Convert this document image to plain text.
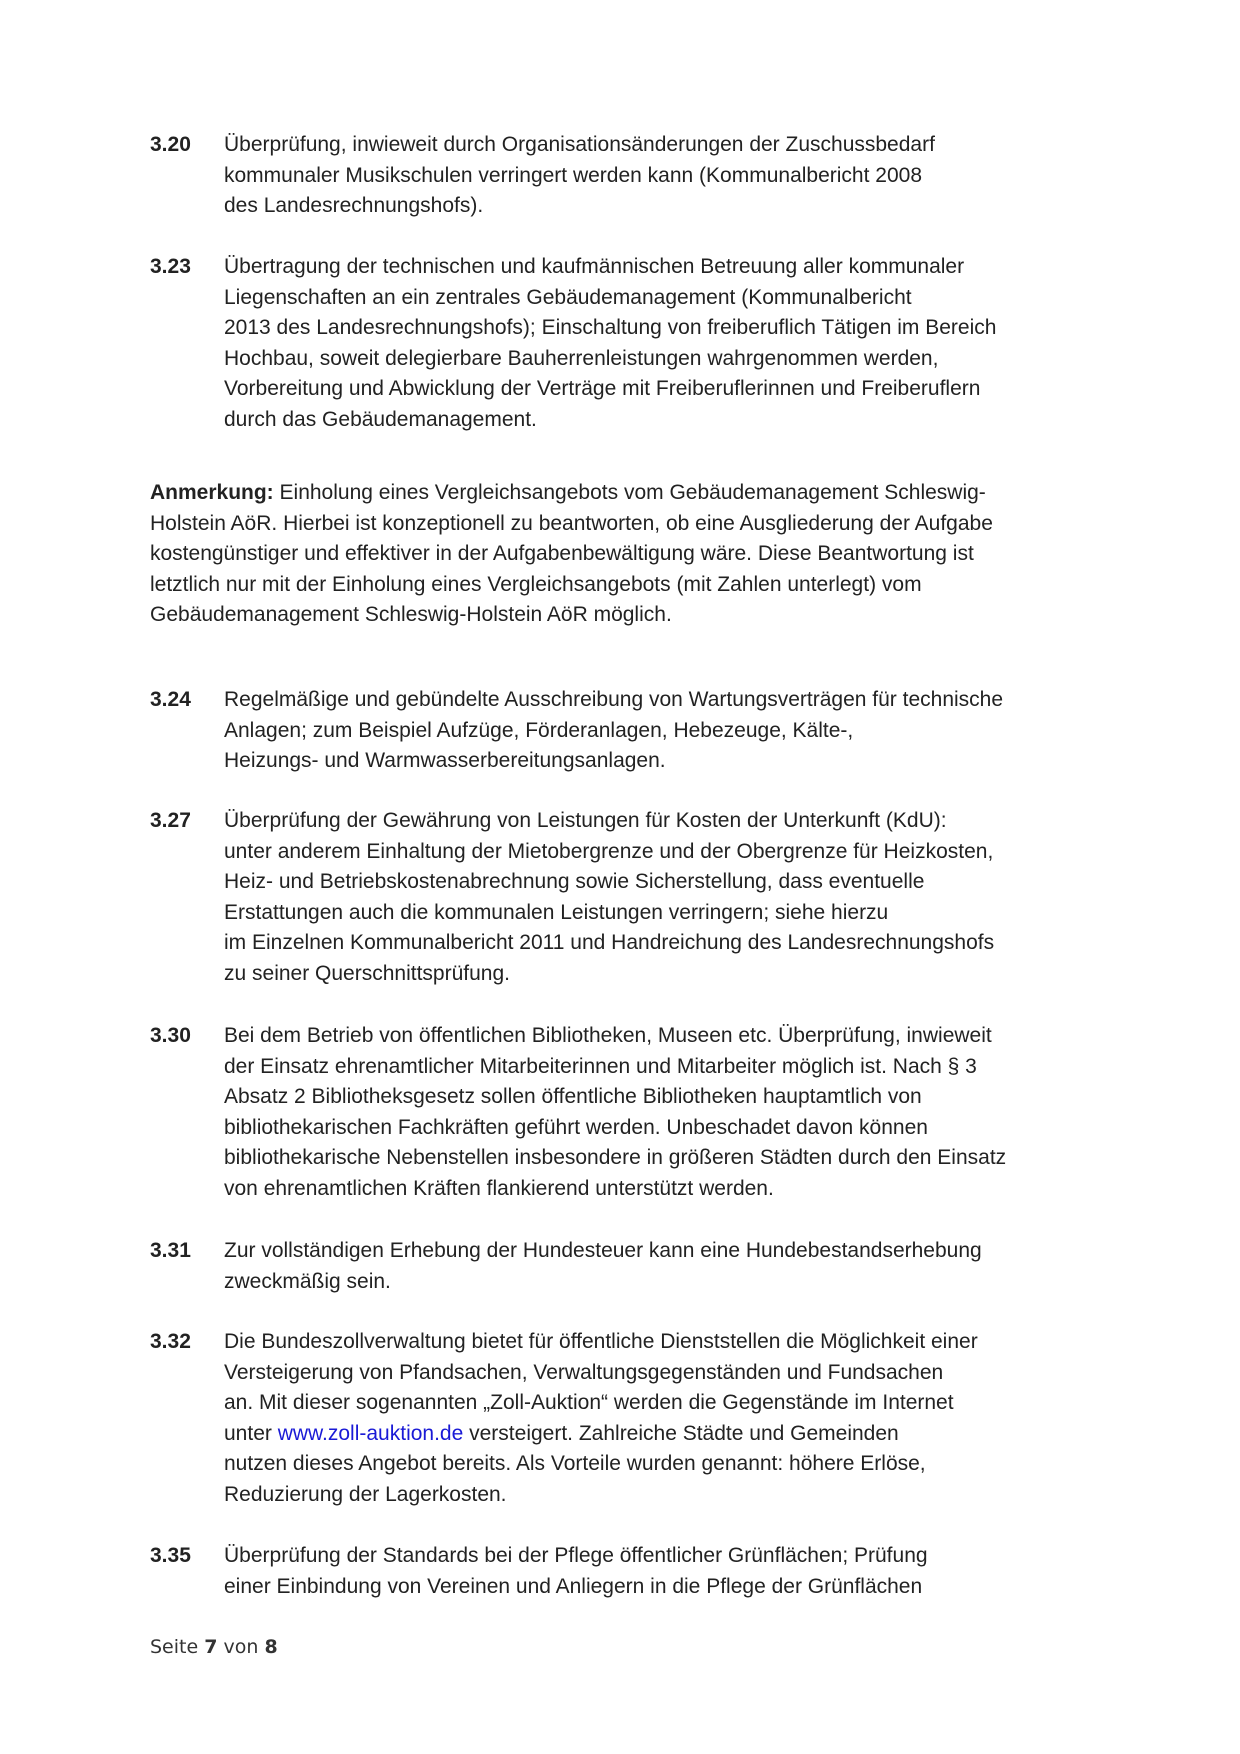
3.20 Überprüfung, inwieweit durch Organisationsänderungen der Zuschussbedarf
kommunaler Musikschulen verringert werden kann (Kommunalbericht 2008
des Landesrechnungshofs).
3.23 Übertragung der technischen und kaufmännischen Betreuung aller kommunaler
Liegenschaften an ein zentrales Gebäudemanagement (Kommunalbericht
2013 des Landesrechnungshofs); Einschaltung von freiberuflich Tätigen im Bereich
Hochbau, soweit delegierbare Bauherrenleistungen wahrgenommen werden,
Vorbereitung und Abwicklung der Verträge mit Freiberuflerinnen und Freiberuflern
durch das Gebäudemanagement.
Anmerkung: Einholung eines Vergleichsangebots vom Gebäudemanagement Schleswig-
Holstein AöR. Hierbei ist konzeptionell zu beantworten, ob eine Ausgliederung der Aufgabe
kostengünstiger und effektiver in der Aufgabenbewältigung wäre. Diese Beantwortung ist
letztlich nur mit der Einholung eines Vergleichsangebots (mit Zahlen unterlegt) vom
Gebäudemanagement Schleswig-Holstein AöR möglich.
3.24 Regelmäßige und gebündelte Ausschreibung von Wartungsverträgen für technische
Anlagen; zum Beispiel Aufzüge, Förderanlagen, Hebezeuge, Kälte-,
Heizungs- und Warmwasserbereitungsanlagen.
3.27 Überprüfung der Gewährung von Leistungen für Kosten der Unterkunft (KdU):
unter anderem Einhaltung der Mietobergrenze und der Obergrenze für Heizkosten,
Heiz- und Betriebskostenabrechnung sowie Sicherstellung, dass eventuelle
Erstattungen auch die kommunalen Leistungen verringern; siehe hierzu
im Einzelnen Kommunalbericht 2011 und Handreichung des Landesrechnungshofs
zu seiner Querschnittsprüfung.
3.30 Bei dem Betrieb von öffentlichen Bibliotheken, Museen etc. Überprüfung, inwieweit
der Einsatz ehrenamtlicher Mitarbeiterinnen und Mitarbeiter möglich ist. Nach § 3
Absatz 2 Bibliotheksgesetz sollen öffentliche Bibliotheken hauptamtlich von
bibliothekarischen Fachkräften geführt werden. Unbeschadet davon können
bibliothekarische Nebenstellen insbesondere in größeren Städten durch den Einsatz
von ehrenamtlichen Kräften flankierend unterstützt werden.
3.31 Zur vollständigen Erhebung der Hundesteuer kann eine Hundebestandserhebung
zweckmäßig sein.
3.32 Die Bundeszollverwaltung bietet für öffentliche Dienststellen die Möglichkeit einer
Versteigerung von Pfandsachen, Verwaltungsgegenständen und Fundsachen
an. Mit dieser sogenannten „Zoll-Auktion“ werden die Gegenstände im Internet
unter www.zoll-auktion.de versteigert. Zahlreiche Städte und Gemeinden
nutzen dieses Angebot bereits. Als Vorteile wurden genannt: höhere Erlöse,
Reduzierung der Lagerkosten.
3.35 Überprüfung der Standards bei der Pflege öffentlicher Grünflächen; Prüfung
einer Einbindung von Vereinen und Anliegern in die Pflege der Grünflächen
Seite 7 von 8
